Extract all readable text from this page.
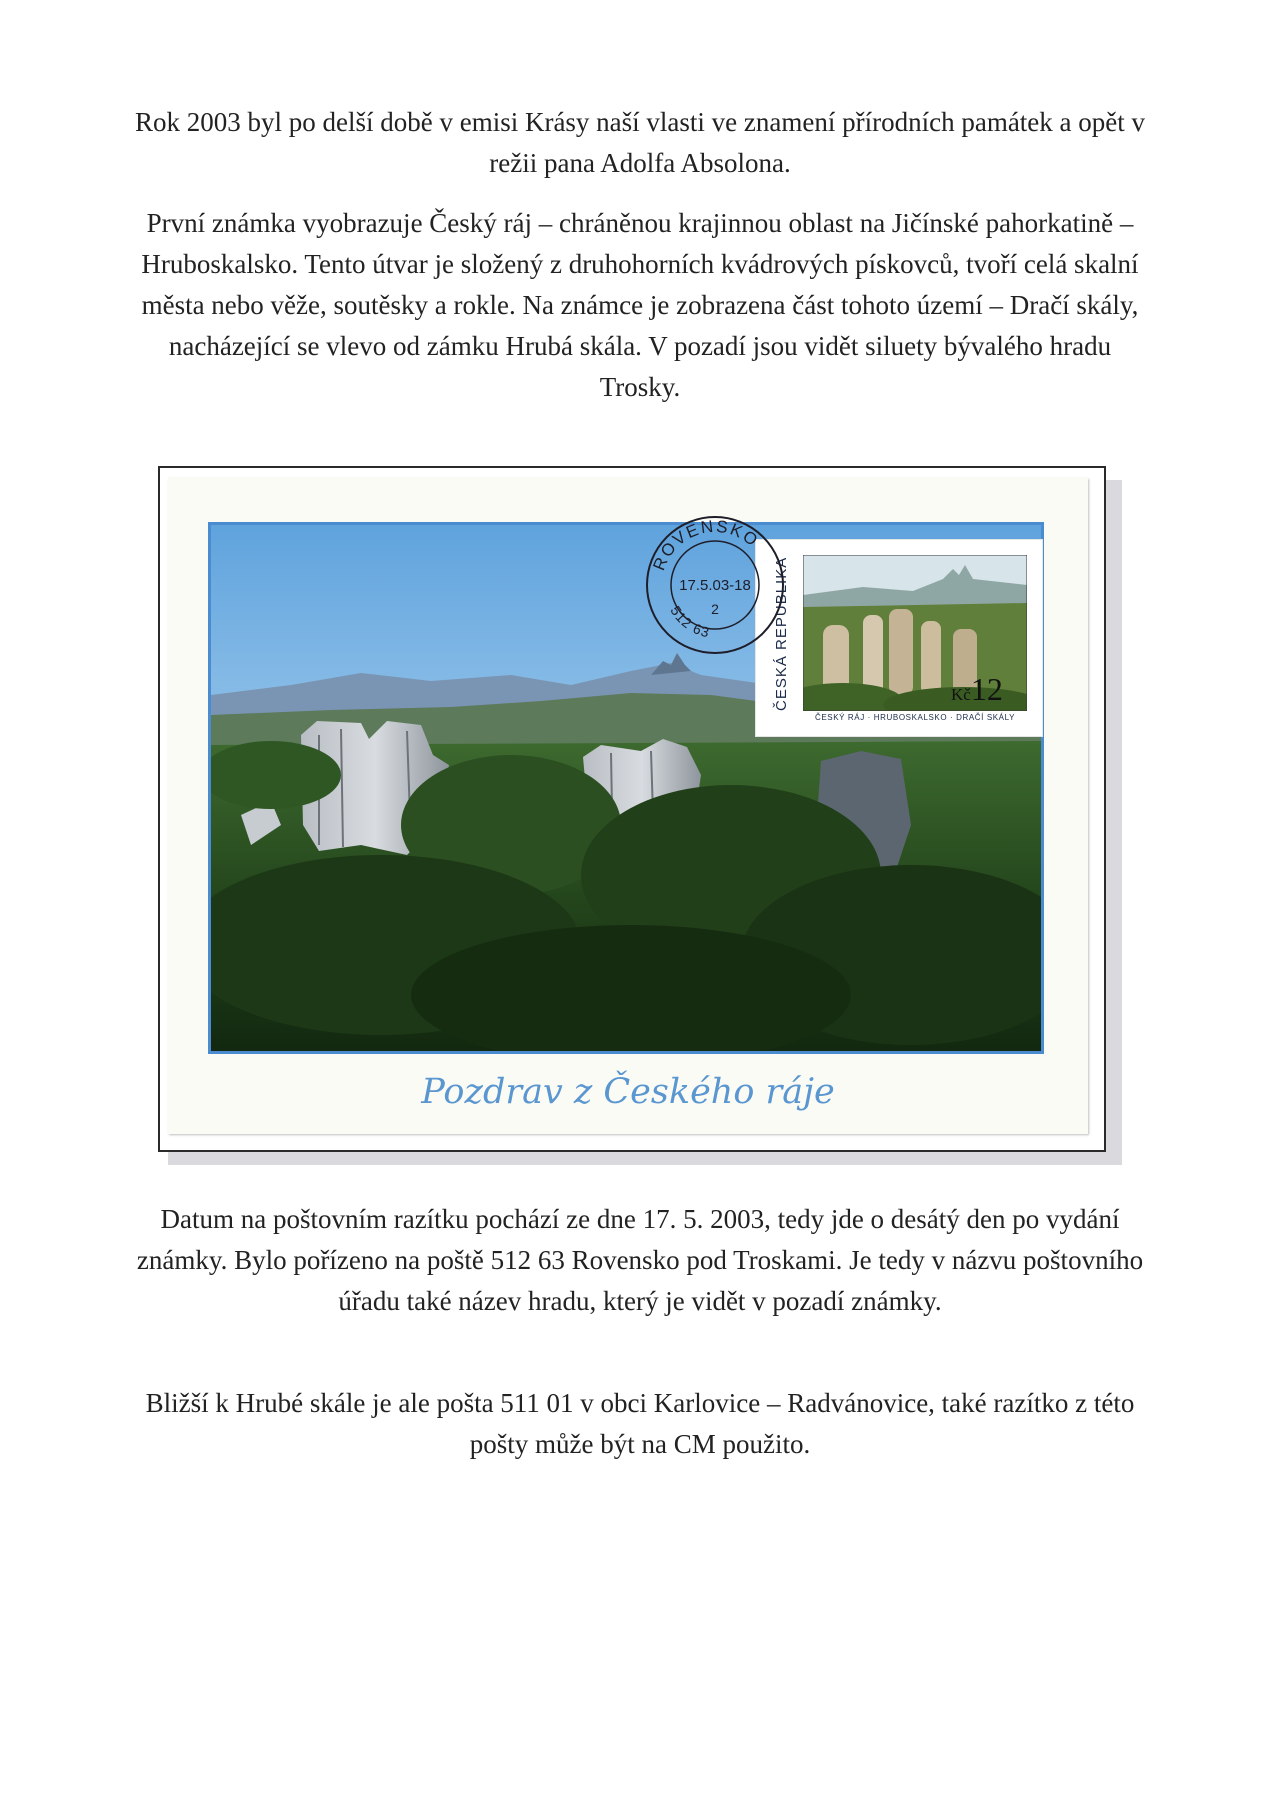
Rok 2003 byl po delší době v emisi Krásy naší vlasti ve znamení přírodních památek a opět v režii pana Adolfa Absolona.

První známka vyobrazuje Český ráj – chráněnou krajinnou oblast na Jičínské pahorkatině – Hruboskalsko. Tento útvar je složený z druhohorních kvádrových pískovců, tvoří celá skalní města nebo věže, soutěsky a rokle. Na známce je zobrazena část tohoto území – Dračí skály, nacházející se vlevo od zámku Hrubá skála. V pozadí jsou vidět siluety bývalého hradu Trosky.

Pozdrav z Českého ráje
ČESKÁ REPUBLIKA	Kč12
ČESKÝ RÁJ · HRUBOSKALSKO · DRAČÍ SKÁLY
ROVENSKO
512 63
17.5.03-18
2

Datum na poštovním razítku pochází ze dne 17. 5. 2003, tedy jde o desátý den po vydání známky. Bylo pořízeno na poště 512 63 Rovensko pod Troskami. Je tedy v názvu poštovního úřadu také název hradu, který je vidět v pozadí známky.

Bližší k Hrubé skále je ale pošta 511 01 v obci Karlovice – Radvánovice, také razítko z této pošty může být na CM použito.
